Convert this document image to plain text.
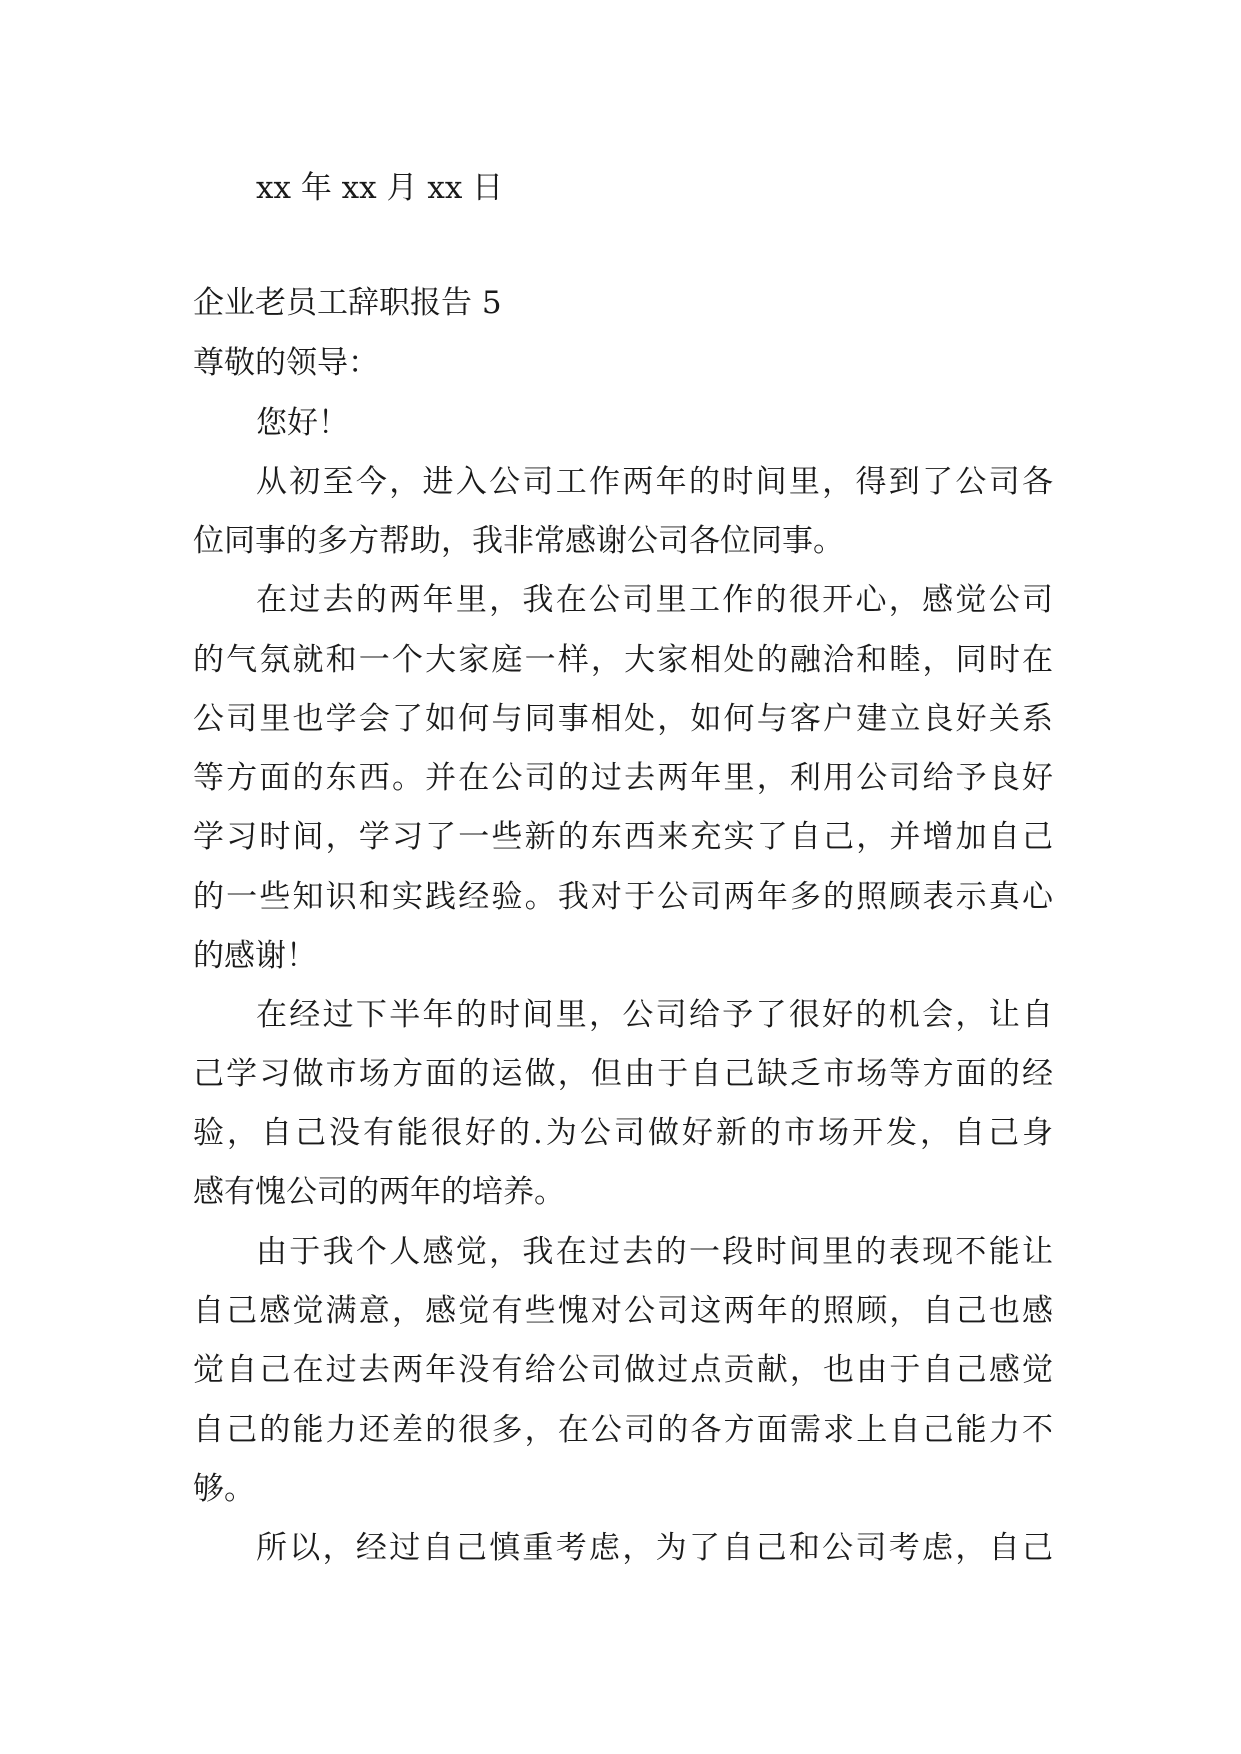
xx 年 xx 月 xx 日
企业老员工辞职报告 5
尊敬的领导：
您好！
从初至今，进入公司工作两年的时间里，得到了公司各
位同事的多方帮助，我非常感谢公司各位同事。
在过去的两年里，我在公司里工作的很开心，感觉公司
的气氛就和一个大家庭一样，大家相处的融洽和睦，同时在
公司里也学会了如何与同事相处，如何与客户建立良好关系
等方面的东西。并在公司的过去两年里，利用公司给予良好
学习时间，学习了一些新的东西来充实了自己，并增加自己
的一些知识和实践经验。我对于公司两年多的照顾表示真心
的感谢！
在经过下半年的时间里，公司给予了很好的机会，让自
己学习做市场方面的运做，但由于自己缺乏市场等方面的经
验，自己没有能很好的.为公司做好新的市场开发，自己身
感有愧公司的两年的培养。
由于我个人感觉，我在过去的一段时间里的表现不能让
自己感觉满意，感觉有些愧对公司这两年的照顾，自己也感
觉自己在过去两年没有给公司做过点贡献，也由于自己感觉
自己的能力还差的很多，在公司的各方面需求上自己能力不
够。
所以，经过自己慎重考虑，为了自己和公司考虑，自己
